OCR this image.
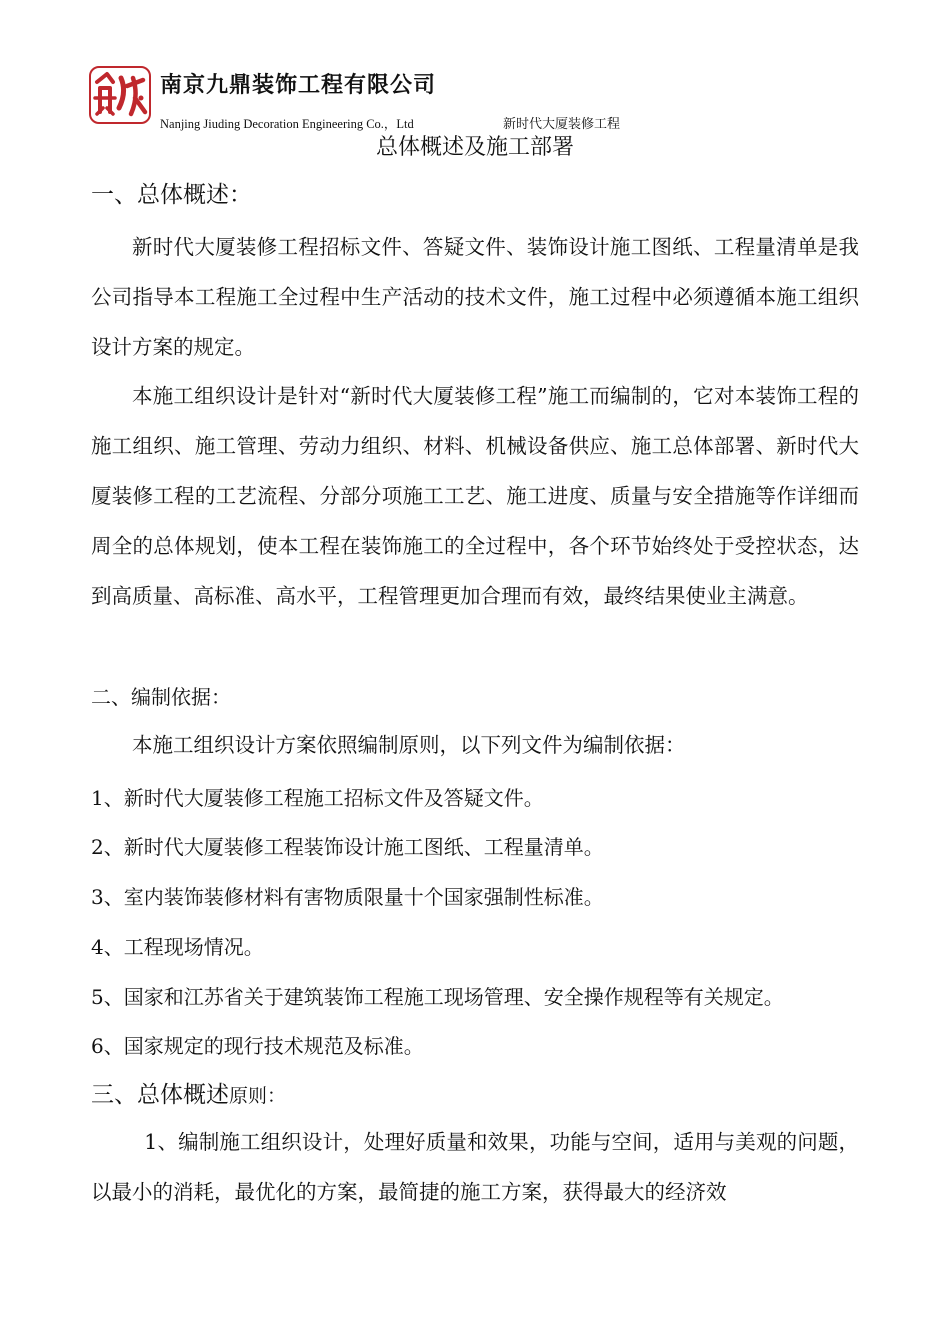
南京九鼎装饰工程有限公司
Nanjing Jiuding Decoration Engineering Co.，Ltd	新时代大厦装修工程
总体概述及施工部署
一、总体概述：

新时代大厦装修工程招标文件、答疑文件、装饰设计施工图纸、工程量清单是我公司指导本工程施工全过程中生产活动的技术文件，施工过程中必须遵循本施工组织设计方案的规定。

本施工组织设计是针对“新时代大厦装修工程”施工而编制的，它对本装饰工程的施工组织、施工管理、劳动力组织、材料、机械设备供应、施工总体部署、新时代大厦装修工程的工艺流程、分部分项施工工艺、施工进度、质量与安全措施等作详细而周全的总体规划，使本工程在装饰施工的全过程中，各个环节始终处于受控状态，达到高质量、高标准、高水平，工程管理更加合理而有效，最终结果使业主满意。

二、编制依据：

本施工组织设计方案依照编制原则，以下列文件为编制依据：

1、新时代大厦装修工程施工招标文件及答疑文件。
2、新时代大厦装修工程装饰设计施工图纸、工程量清单。
3、室内装饰装修材料有害物质限量十个国家强制性标准。
4、工程现场情况。
5、国家和江苏省关于建筑装饰工程施工现场管理、安全操作规程等有关规定。
6、国家规定的现行技术规范及标准。
三、总体概述原则：

1、编制施工组织设计，处理好质量和效果，功能与空间，适用与美观的问题，以最小的消耗，最优化的方案，最简捷的施工方案，获得最大的经济效
